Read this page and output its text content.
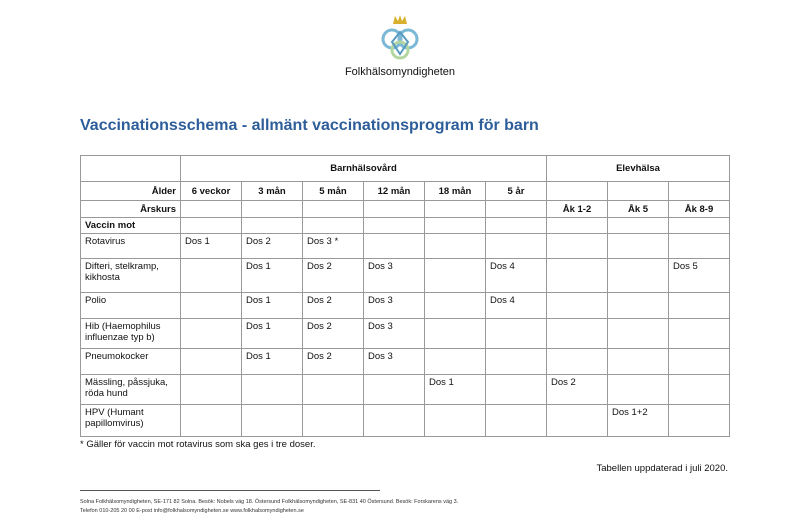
Folkhälsomyndigheten
Vaccinationsschema - allmänt vaccinationsprogram för barn
	Barnhälsovård						Elevhälsa		
Ålder	6 veckor	3 mån	5 mån	12 mån	18 mån	5 år			
Årskurs							Åk 1-2	Åk 5	Åk 8-9
Vaccin mot									
Rotavirus	Dos 1	Dos 2	Dos 3 *						
Difteri, stelkramp, kikhosta		Dos 1	Dos 2	Dos 3		Dos 4			Dos 5
Polio		Dos 1	Dos 2	Dos 3		Dos 4			
Hib (Haemophilus influenzae typ b)		Dos 1	Dos 2	Dos 3					
Pneumokocker		Dos 1	Dos 2	Dos 3					
Mässling, påssjuka, röda hund					Dos 1		Dos 2		
HPV (Humant papillomvirus)								Dos 1+2	
* Gäller för vaccin mot rotavirus som ska ges i tre doser.
Tabellen uppdaterad i juli 2020.
Solna Folkhälsomyndigheten, SE-171 82 Solna. Besök: Nobels väg 18. Östersund Folkhälsomyndigheten, SE-831 40 Östersund. Besök: Forskarens väg 3.
Telefon 010-205 20 00 E-post info@folkhalsomyndigheten.se www.folkhalsomyndigheten.se
